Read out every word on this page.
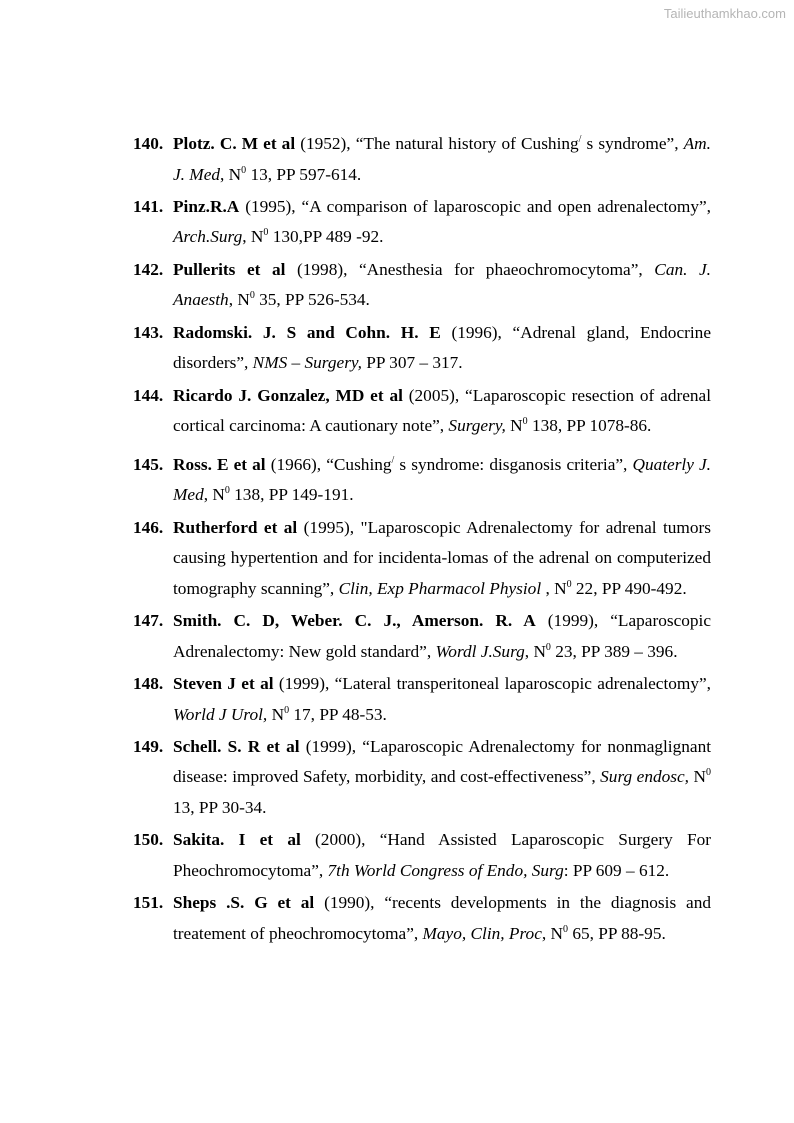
Tailieuthamkhao.com

140. Plotz. C. M et al (1952), “The natural history of Cushing/ s syndrome”, Am. J. Med, $N^0$ 13, PP 597-614.

141. Pinz.R.A (1995), “A comparison of laparoscopic and open adrenalectomy”, Arch.Surg, $N^0$ 130,PP 489 -92.

142. Pullerits et al (1998), “Anesthesia for phaeochromocytoma”, Can. J. Anaesth, $N^0$ 35, PP 526-534.

143. Radomski. J. S and Cohn. H. E (1996), “Adrenal gland, Endocrine disorders”, NMS – Surgery, PP 307 – 317.

144. Ricardo J. Gonzalez, MD et al (2005), “Laparoscopic resection of adrenal cortical carcinoma: A cautionary note”, Surgery, $N^0$ 138, PP 1078-86.

145. Ross. E et al (1966), “Cushing/ s syndrome: disganosis criteria”, Quaterly J. Med, $N^0$ 138, PP 149-191.

146. Rutherford et al (1995), "Laparoscopic Adrenalectomy for adrenal tumors causing hypertention and for incidenta-lomas of the adrenal on computerized tomography scanning”, Clin, Exp Pharmacol Physiol , $N^0$ 22, PP 490-492.

147. Smith. C. D, Weber. C. J., Amerson. R. A (1999), “Laparoscopic Adrenalectomy: New gold standard”, Wordl J.Surg, $N^0$ 23, PP 389 – 396.

148. Steven J et al (1999), “Lateral transperitoneal laparoscopic adrenalectomy”, World J Urol, $N^0$ 17, PP 48-53.

149. Schell. S. R et al (1999), “Laparoscopic Adrenalectomy for nonmaglignant disease: improved Safety, morbidity, and cost-effectiveness”, Surg endosc, $N^0$ 13, PP 30-34.

150. Sakita. I et al (2000), “Hand Assisted Laparoscopic Surgery For Pheochromocytoma”, 7th World Congress of Endo, Surg: PP 609 – 612.

151. Sheps .S. G et al (1990), “recents developments in the diagnosis and treatement of pheochromocytoma”, Mayo, Clin, Proc, $N^0$ 65, PP 88-95.
